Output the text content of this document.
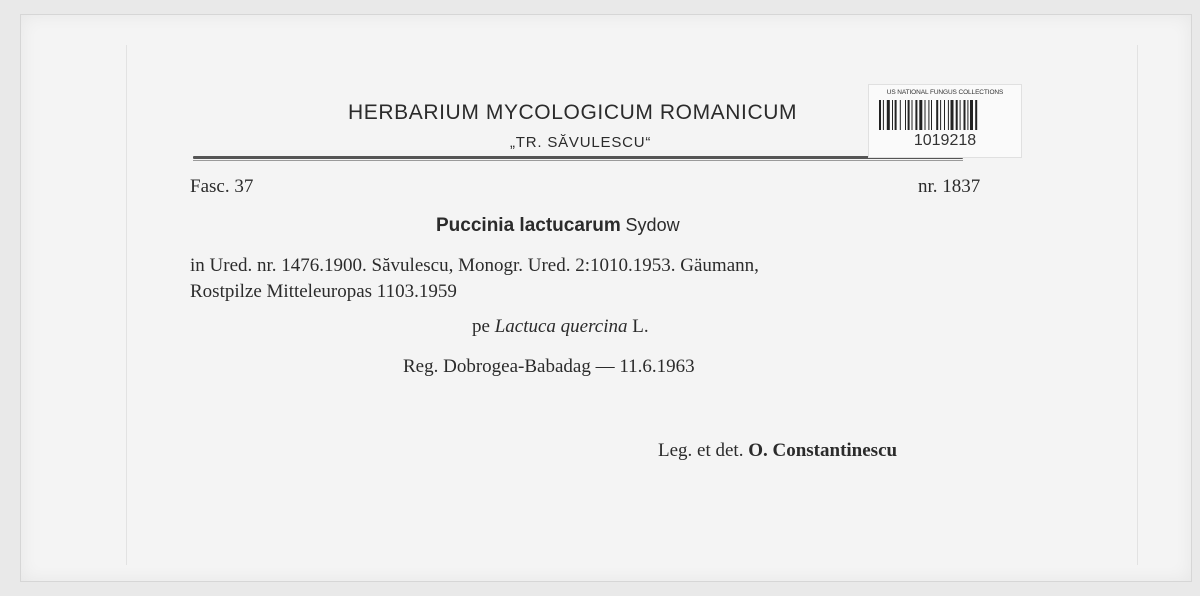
HERBARIUM MYCOLOGICUM ROMANICUM
„TR. SĂVULESCU“
US NATIONAL FUNGUS COLLECTIONS
1019218
Fasc. 37	nr. 1837
Puccinia lactucarum Sydow
in Ured. nr. 1476.1900. Săvulescu, Monogr. Ured. 2:1010.1953. Gäumann,
Rostpilze Mitteleuropas 1103.1959
pe Lactuca quercina L.
Reg. Dobrogea-Babadag — 11.6.1963
Leg. et det. O. Constantinescu
